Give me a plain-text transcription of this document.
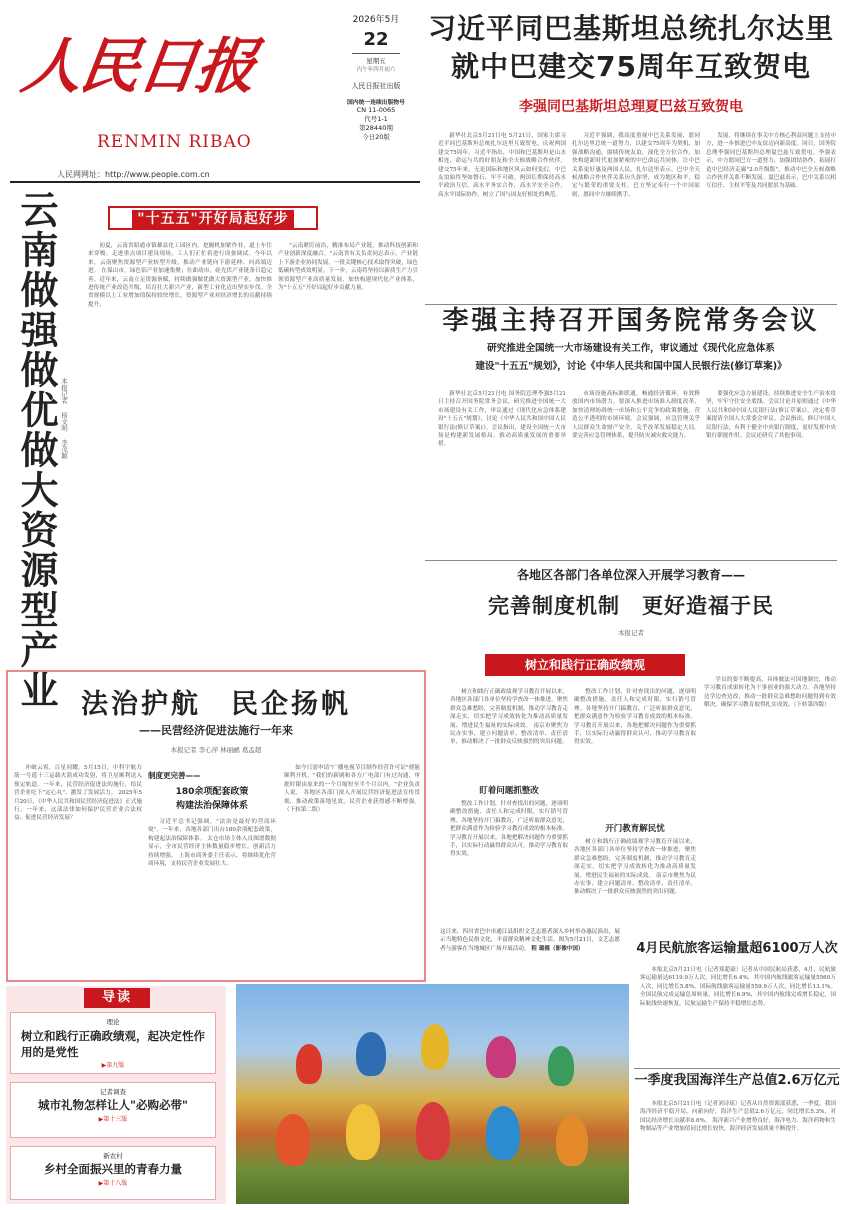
人民日报
RENMIN RIBAO
人民网网址：http://www.people.com.cn
2026年5月
22
星期五
丙午年四月初六
人民日报社出版
国内统一连续出版物号
CN 11-0065
代号1-1
第28440期
今日20版
习近平同巴基斯坦总统扎尔达里
就中巴建交75周年互致贺电
李强同巴基斯坦总理夏巴兹互致贺电
新华社北京5月21日电 5月21日，国家主席习近平同巴基斯坦总统扎尔达里互致贺电，庆祝两国建交75周年。习近平指出，中国和巴基斯坦是山水相连、命运与共的好朋友和全天候战略合作伙伴。建交75年来，无论国际和地区风云如何变幻，中巴友谊始终坚如磐石、牢不可破。两国长期保持高水平政治互信，高水平务实合作，高水平安全合作，高水平国际协作，树立了国与国友好相处的典范。
习近平强调，我高度重视中巴关系发展，愿同扎尔达里总统一道努力，以建交75周年为契机，加强战略沟通，赓续传统友谊，深化全方位合作，加快构建新时代更加紧密的中巴命运共同体，让中巴关系更好惠及两国人民。扎尔达里表示，巴中全天候战略合作伙伴关系历久弥坚，成为地区和平、稳定与繁荣的重要支柱。巴方坚定奉行一个中国原则，愿同中方继续携手。
发展，将继续在事关中方核心利益问题上支持中方，进一步推进巴中友谊迈向新高度。同日，国务院总理李强同巴基斯坦总理夏巴兹互致贺电。李强表示，中方愿同巴方一道努力，加强团结协作，拓展打造中巴经济走廊"2.0升级版"，推动中巴全天候战略合作伙伴关系不断发展。夏巴兹表示，巴中关系以相互信任、主权平等及共同愿景为基础。
"十五五"开好局起好步
云南做强做优做大资源型产业 本报记者 杨文明 李茂颖
初夏，云南省昭通市镇雄县化工园区内，挖掘机加紧作业，道上车往来穿梭。走进重点项目建设现场，工人们正忙着进行设备调试。今年以来，云南聚焦资源型产业转型升级，推动产业链向下游延伸、向高端迈进。 在保山市，绿色铝产业加速集聚；在曲靖市，硅光伏产业链条日趋完善。近年来，云南立足资源禀赋，持续做强做优做大资源型产业，加快推进传统产业改造升级，培育壮大新兴产业，新型工业化迈出坚实步伐。全省规模以上工业增加值保持较快增长，资源型产业对经济增长的贡献持续提升。
"云南紧盯前沿，精准布局产业链，推动科技创新和产业创新深度融合。"云南省有关负责同志表示。产业链上下游企业协同发展，一批关键核心技术取得突破，绿色低碳转型成效明显。下一步，云南将坚持以新质生产力引领资源型产业高质量发展，加快构建现代化产业体系，为"十五五"开好局起好步贡献力量。
李强主持召开国务院常务会议
研究推进全国统一大市场建设有关工作，审议通过《现代化应急体系
建设"十五五"规划》，讨论《中华人民共和国中国人民银行法(修订草案)》
新华社北京5月21日电 国务院总理李强5月21日主持召开国务院常务会议，研究推进全国统一大市场建设有关工作，审议通过《现代化应急体系建设"十五五"规划》，讨论《中华人民共和国中国人民银行法(修订草案)》。会议指出，建设全国统一大市场是构建新发展格局、推动高质量发展的重要举措。
市场设施高标准联通，畅通经济循环，有效释放国内市场潜力。要深入推进市场准入制度改革，加快清理妨碍统一市场和公平竞争的政策措施，营造公平透明的市场环境。会议强调，应急管理关乎人民群众生命财产安全，关乎改革发展稳定大局。要完善应急管理体系，提升防灾减灾救灾能力。
要强化应急力量建设，持续推进安全生产治本攻坚，牢牢守住安全底线。会议讨论并原则通过《中华人民共和国中国人民银行法(修订草案)》，决定将草案提请全国人大常委会审议。会议指出，修订中国人民银行法，有利于健全中央银行制度，更好发挥中央银行职能作用。会议还研究了其他事项。
各地区各部门各单位深入开展学习教育——
完善制度机制　更好造福于民
本报记者
树立和践行正确政绩观
树立和践行正确政绩观学习教育开展以来，各地区各部门各单位坚持学查改一体推进，聚焦群众急难愁盼，完善制度机制，推动学习教育走深走实，切实把学习成效转化为推动高质量发展、增进民生福祉的实际成效。 南京市聚焦为民办实事，建立问题清单、整改清单、责任清单，推动解决了一批群众反映强烈的突出问题。
盯着问题抓整改
整改工作计划，针对查找出的问题，逐项明确整改措施、责任人和完成时限，实行销号管理。各地坚持开门搞教育，广泛听取群众意见，把群众满意作为检验学习教育成效的根本标准。 学习教育开展以来，各地把解决问题作为重要抓手，以实际行动赢得群众认可，推动学习教育取得实效。
整改工作计划，针对查找出的问题，逐项明确整改措施、责任人和完成时限，实行销号管理。各地坚持开门搞教育，广泛听取群众意见，把群众满意作为检验学习教育成效的根本标准。 学习教育开展以来，各地把解决问题作为重要抓手，以实际行动赢得群众认可，推动学习教育取得实效。
开门教育解民忧
树立和践行正确政绩观学习教育开展以来，各地区各部门各单位坚持学查改一体推进，聚焦群众急难愁盼，完善制度机制，推动学习教育走深走实，切实把学习成效转化为推动高质量发展、增进民生福祉的实际成效。 南京市聚焦为民办实事，建立问题清单、整改清单、责任清单，推动解决了一批群众反映强烈的突出问题。
学员的要不断提高，具体做法可因地制宜，推动学习教育成果转化为干事创业的强大动力。各地坚持边学边查边改，推动一批群众急难愁盼问题得到有效解决，确保学习教育取得扎实成效。（下转第四版）
法治护航　民企扬帆
——民营经济促进法施行一年来
本报记者 李心萍 林丽鹂 葛孟超
冲破云霄，百星同耀。5月15日，中科宇航力箭一号遥十三运载火箭成功发射，将卫星顺利送入预定轨道。一年来，民营经济促进法的施行，给民营企业吃下"定心丸"，激发了发展活力。 2025年5月20日，《中华人民共和国民营经济促进法》正式施行。一年来，这部法律如何保护民营企业合法权益、促进民营经济发展？
制度更完善——
180余项配套政策
构建法治保障体系
习近平总书记强调，"法治是最好的营商环境"。一年来，各地各部门出台180余项配套政策，构建起法治保障体系。 太仓市场主体入良图谱数据显示，全市民营经济主体数量稳步增长，创新活力持续增强。 上海市商务委主任表示，将继续优化营商环境，支持民营企业发展壮大。
如今只需申请"广播电视节目制作经营许可证"便能顺利开机。"我们的新剧和各方广电部门有过沟通，审批时限由原来的一个月缩短至半个月以内。"企业负责人说。 各地区各部门深入开展民营经济促进法宣传贯彻，推动政策落地见效，民营企业获得感不断增强。（下转第二版）
这日来，四川省巴中市通江县组织文艺志愿者深入乡村举办惠民演出，展示当地特色民俗文化，丰富群众精神文化生活。图为5月21日，文艺志愿者与游客在当地城区广场开展活动。 程 璐摄（影像中国）
导读
理论
树立和践行正确政绩观，起决定性作用的是党性
▶第九版
记者调查
城市礼物怎样让人"必购必带"
▶第十三版
新农村
乡村全面振兴里的青春力量
▶第十八版
4月民航旅客运输量超6100万人次
本报北京5月21日电（记者郑超豪）记者从中国民航局获悉，4月，民航旅客运输量达6119.9万人次，同比增长6.4%，其中国内航线旅客运输量5560万人次，同比增长5.8%，国际航线旅客运输量559.9万人次，同比增长13.1%。 全国民航完成运输总周转量，同比增长6.9%，其中国内航线完成增长稳定，国际航线快速恢复。民航运输生产保持平稳增长态势。
一季度我国海洋生产总值2.6万亿元
本报北京5月21日电（记者刘诗瑶）记者从自然资源部获悉，一季度，我国海洋经济平稳开局、向新向好，海洋生产总值2.6万亿元，同比增长5.3%，对国民经济增长贡献率8.6%。 海洋新兴产业增势良好，海洋电力、海洋药物和生物制品等产业增加值同比增长较快，海洋经济发展质量不断提升。
